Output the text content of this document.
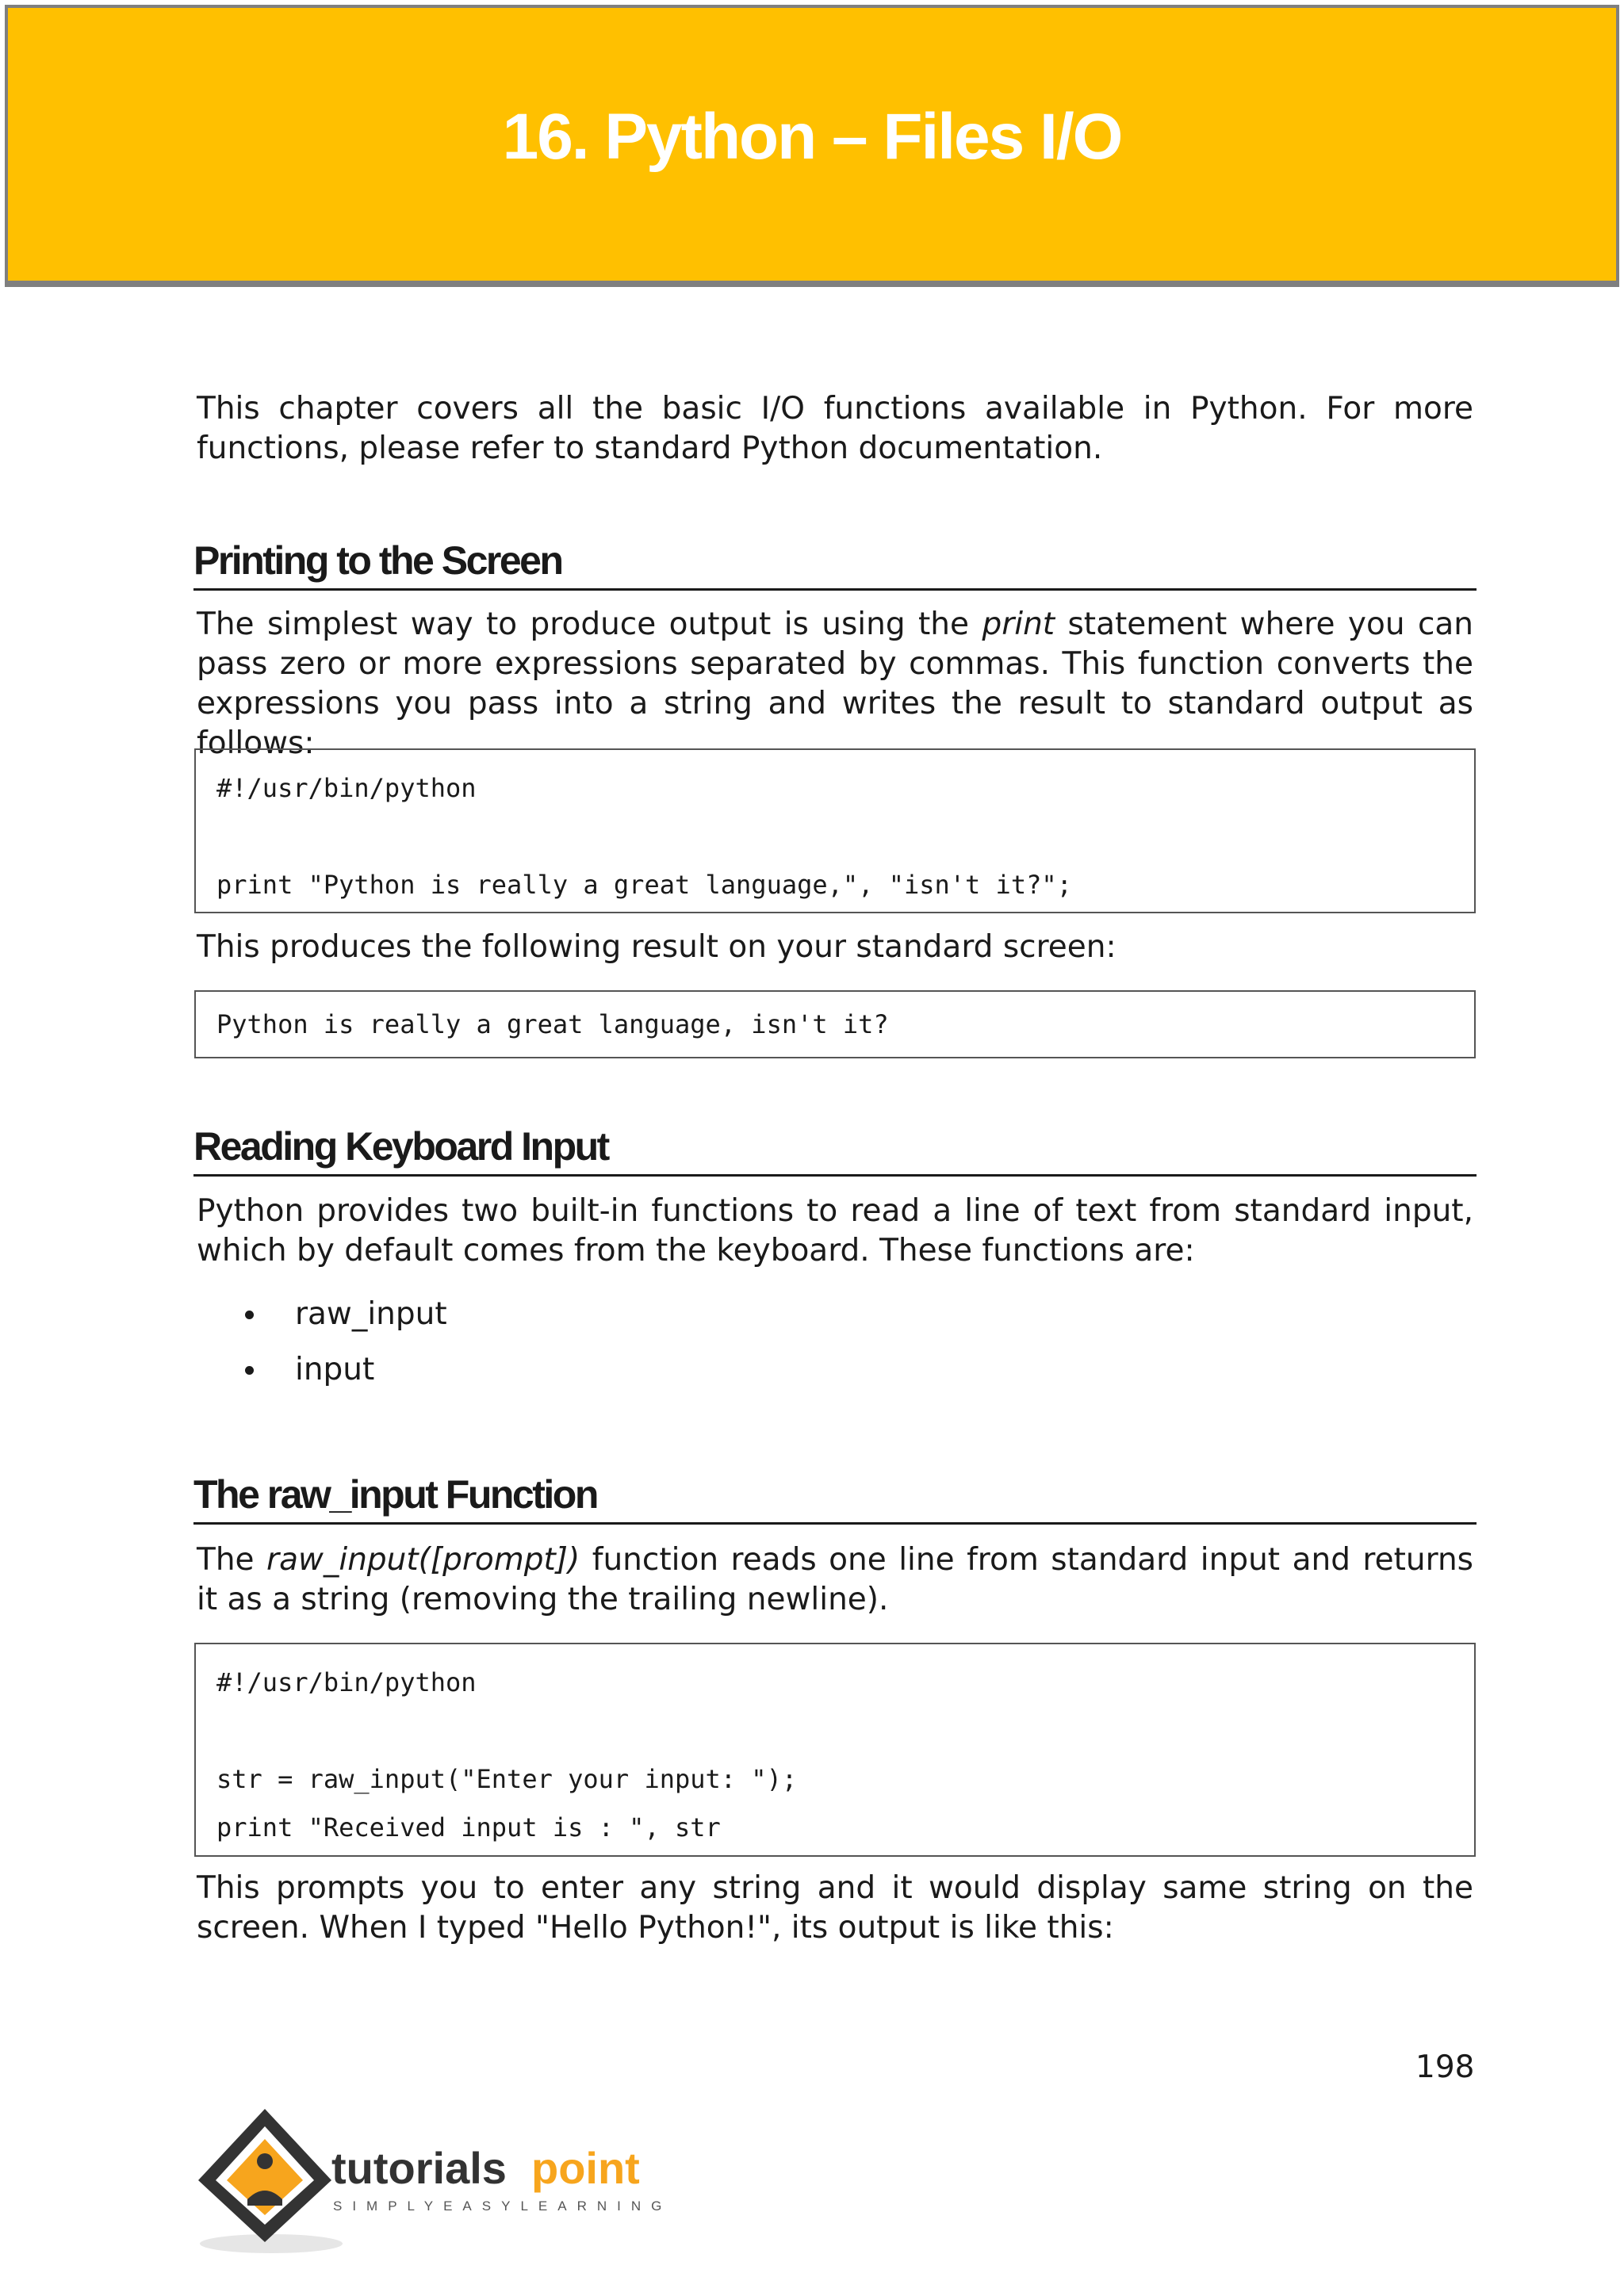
16. Python – Files I/O

This chapter covers all the basic I/O functions available in Python. For more functions, please refer to standard Python documentation.

Printing to the Screen

The simplest way to produce output is using the print statement where you can pass zero or more expressions separated by commas. This function converts the expressions you pass into a string and writes the result to standard output as follows:

#!/usr/bin/python
print "Python is really a great language,", "isn't it?";

This produces the following result on your standard screen:

Python is really a great language, isn't it?
Reading Keyboard Input

Python provides two built-in functions to read a line of text from standard input, which by default comes from the keyboard. These functions are:

raw_input
input
The raw_input Function

The raw_input([prompt]) function reads one line from standard input and returns it as a string (removing the trailing newline).

#!/usr/bin/python
str = raw_input("Enter your input: ");
print "Received input is : ", str

This prompts you to enter any string and it would display same string on the screen. When I typed "Hello Python!", its output is like this:

198
tutorials point
SIMPLYEASYLEARNING
